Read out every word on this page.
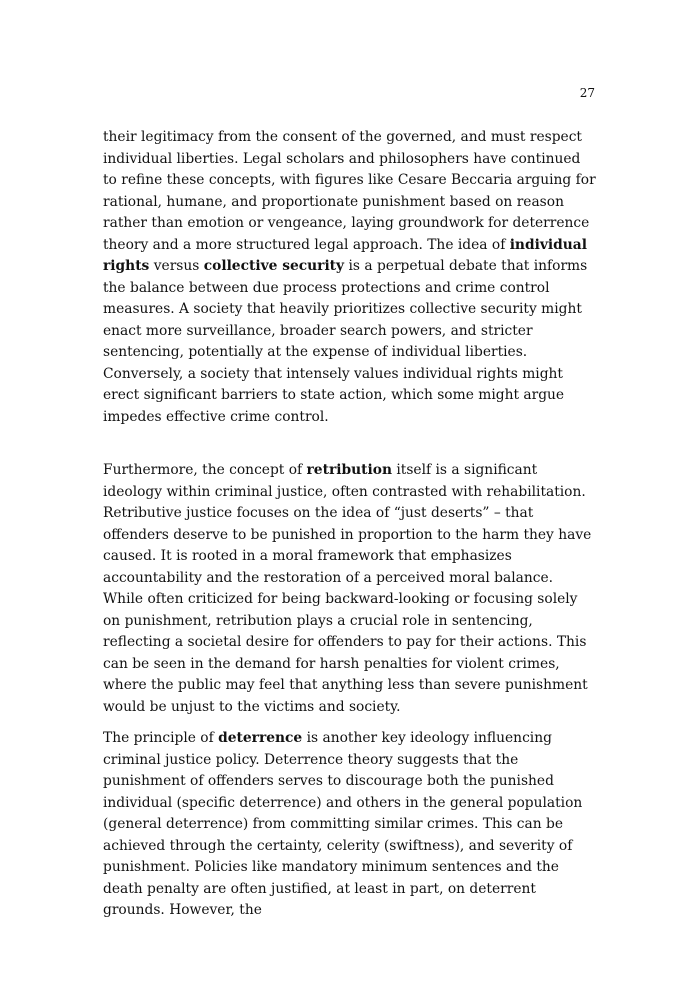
27

their legitimacy from the consent of the governed, and must respect individual liberties. Legal scholars and philosophers have continued to refine these concepts, with figures like Cesare Beccaria arguing for rational, humane, and proportionate punishment based on reason rather than emotion or vengeance, laying groundwork for deterrence theory and a more structured legal approach. The idea of individual rights versus collective security is a perpetual debate that informs the balance between due process protections and crime control measures. A society that heavily prioritizes collective security might enact more surveillance, broader search powers, and stricter sentencing, potentially at the expense of individual liberties. Conversely, a society that intensely values individual rights might erect significant barriers to state action, which some might argue impedes effective crime control.

Furthermore, the concept of retribution itself is a significant ideology within criminal justice, often contrasted with rehabilitation. Retributive justice focuses on the idea of “just deserts” – that offenders deserve to be punished in proportion to the harm they have caused. It is rooted in a moral framework that emphasizes accountability and the restoration of a perceived moral balance. While often criticized for being backward-looking or focusing solely on punishment, retribution plays a crucial role in sentencing, reflecting a societal desire for offenders to pay for their actions. This can be seen in the demand for harsh penalties for violent crimes, where the public may feel that anything less than severe punishment would be unjust to the victims and society.

The principle of deterrence is another key ideology influencing criminal justice policy. Deterrence theory suggests that the punishment of offenders serves to discourage both the punished individual (specific deterrence) and others in the general population (general deterrence) from committing similar crimes. This can be achieved through the certainty, celerity (swiftness), and severity of punishment. Policies like mandatory minimum sentences and the death penalty are often justified, at least in part, on deterrent grounds. However, the
